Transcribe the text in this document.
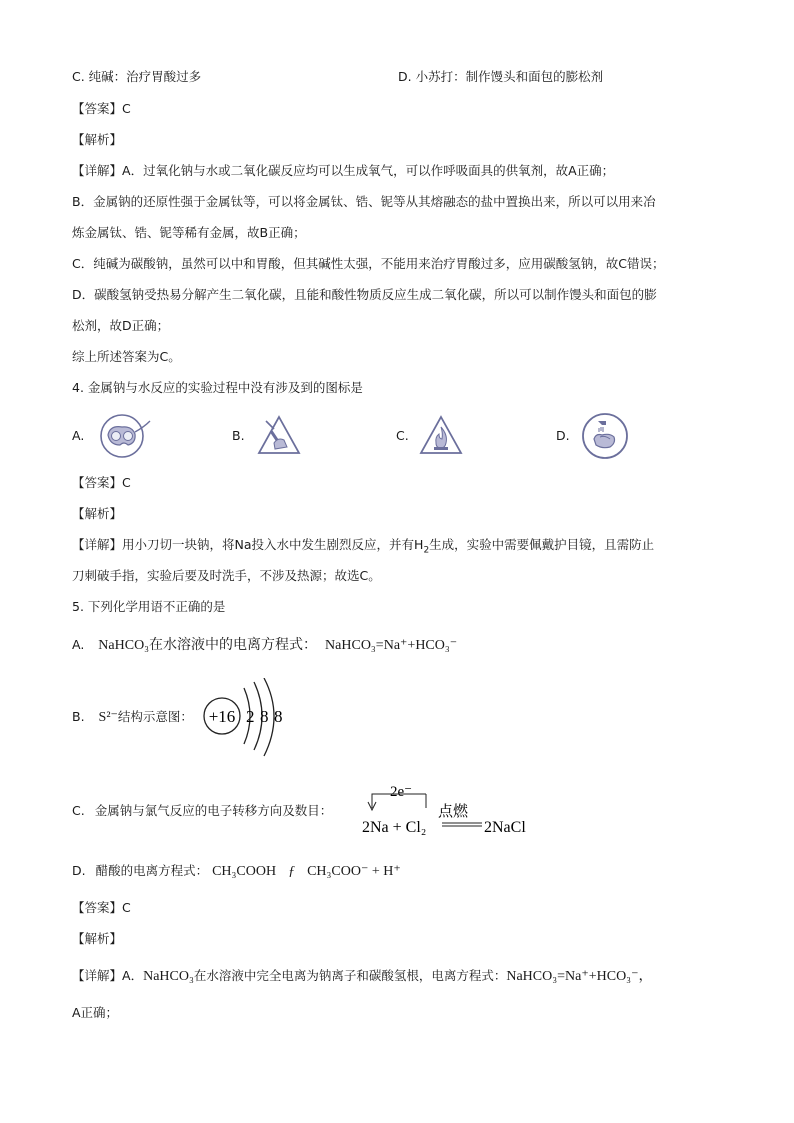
C. 纯碱：治疗胃酸过多	D. 小苏打：制作馒头和面包的膨松剂
【答案】C
【解析】
【详解】A．过氧化钠与水或二氧化碳反应均可以生成氧气，可以作呼吸面具的供氧剂，故A正确；
B．金属钠的还原性强于金属钛等，可以将金属钛、锆、铌等从其熔融态的盐中置换出来，所以可以用来冶
炼金属钛、锆、铌等稀有金属，故B正确；
C．纯碱为碳酸钠，虽然可以中和胃酸，但其碱性太强，不能用来治疗胃酸过多，应用碳酸氢钠，故C错误；
D．碳酸氢钠受热易分解产生二氧化碳，且能和酸性物质反应生成二氧化碳，所以可以制作馒头和面包的膨
松剂，故D正确；
综上所述答案为C。
4. 金属钠与水反应的实验过程中没有涉及到的图标是
A.	B.	C.	D.
【答案】C
【解析】
【详解】用小刀切一块钠，将Na投入水中发生剧烈反应，并有$H_2$生成，实验中需要佩戴护目镜，且需防止
刀刺破手指，实验后要及时洗手，不涉及热源；故选C。
5. 下列化学用语不正确的是
A. NaHCO₃在水溶液中的电离方程式： NaHCO₃=Na⁺+HCO₃⁻
B. S²⁻结构示意图： +16 2 8 8
C. 金属钠与氯气反应的电子转移方向及数目：
2e⁻
点燃
2Na + Cl₂	2NaCl
D. 醋酸的电离方程式： CH₃COOH ƒ CH₃COO⁻ + H⁺
【答案】C
【解析】
【详解】A．NaHCO₃在水溶液中完全电离为钠离子和碳酸氢根，电离方程式：NaHCO₃=Na⁺+HCO₃⁻，
A正确；
